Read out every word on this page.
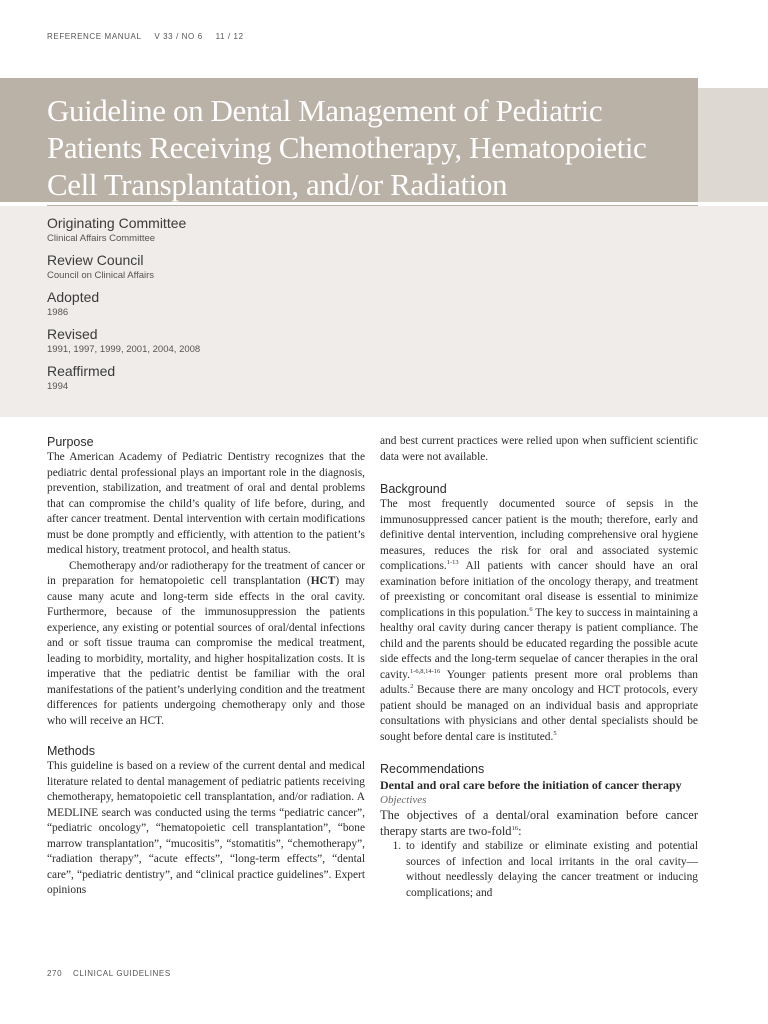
REFERENCE MANUAL V 33 / NO 6 11 / 12
Guideline on Dental Management of Pediatric Patients Receiving Chemotherapy, Hematopoietic Cell Transplantation, and/or Radiation
Originating Committee
Clinical Affairs Committee
Review Council
Council on Clinical Affairs
Adopted
1986
Revised
1991, 1997, 1999, 2001, 2004, 2008
Reaffirmed
1994
Purpose

The American Academy of Pediatric Dentistry recognizes that the pediatric dental professional plays an important role in the diagnosis, prevention, stabilization, and treatment of oral and dental problems that can compromise the child’s quality of life before, during, and after cancer treatment. Dental intervention with certain modifications must be done promptly and efficiently, with attention to the patient’s medical history, treatment protocol, and health status.

Chemotherapy and/or radiotherapy for the treatment of cancer or in preparation for hematopoietic cell transplantation (HCT) may cause many acute and long-term side effects in the oral cavity. Furthermore, because of the immunosuppression the patients experience, any existing or potential sources of oral/dental infections and or soft tissue trauma can compromise the medical treatment, leading to morbidity, mortality, and higher hospitalization costs. It is imperative that the pediatric dentist be familiar with the oral manifestations of the patient’s underlying condition and the treatment differences for patients undergoing chemotherapy only and those who will receive an HCT.

Methods

This guideline is based on a review of the current dental and medical literature related to dental management of pediatric patients receiving chemotherapy, hematopoietic cell transplantation, and/or radiation. A MEDLINE search was conducted using the terms “pediatric cancer”, “pediatric oncology”, “hematopoietic cell transplantation”, “bone marrow transplantation”, “mucositis”, “stomatitis”, “chemotherapy”, “radiation therapy”, “acute effects”, “long-term effects”, “dental care”, “pediatric dentistry”, and “clinical practice guidelines”. Expert opinions

and best current practices were relied upon when sufficient scientific data were not available.

Background

The most frequently documented source of sepsis in the immunosuppressed cancer patient is the mouth; therefore, early and definitive dental intervention, including comprehensive oral hygiene measures, reduces the risk for oral and associated systemic complications.$^{1-13}$ All patients with cancer should have an oral examination before initiation of the oncology therapy, and treatment of preexisting or concomitant oral disease is essential to minimize complications in this population.$^6$ The key to success in maintaining a healthy oral cavity during cancer therapy is patient compliance. The child and the parents should be educated regarding the possible acute side effects and the long-term sequelae of cancer therapies in the oral cavity.$^{1-6,8,14-16}$ Younger patients present more oral problems than adults.$^2$ Because there are many oncology and HCT protocols, every patient should be managed on an individual basis and appropriate consultations with physicians and other dental specialists should be sought before dental care is instituted.$^5$

Recommendations
Dental and oral care before the initiation of cancer therapy
Objectives

The objectives of a dental/oral examination before cancer therapy starts are two-fold$^{16}$:

1. to identify and stabilize or eliminate existing and potential sources of infection and local irritants in the oral cavity—without needlessly delaying the cancer treatment or inducing complications; and
270 CLINICAL GUIDELINES
